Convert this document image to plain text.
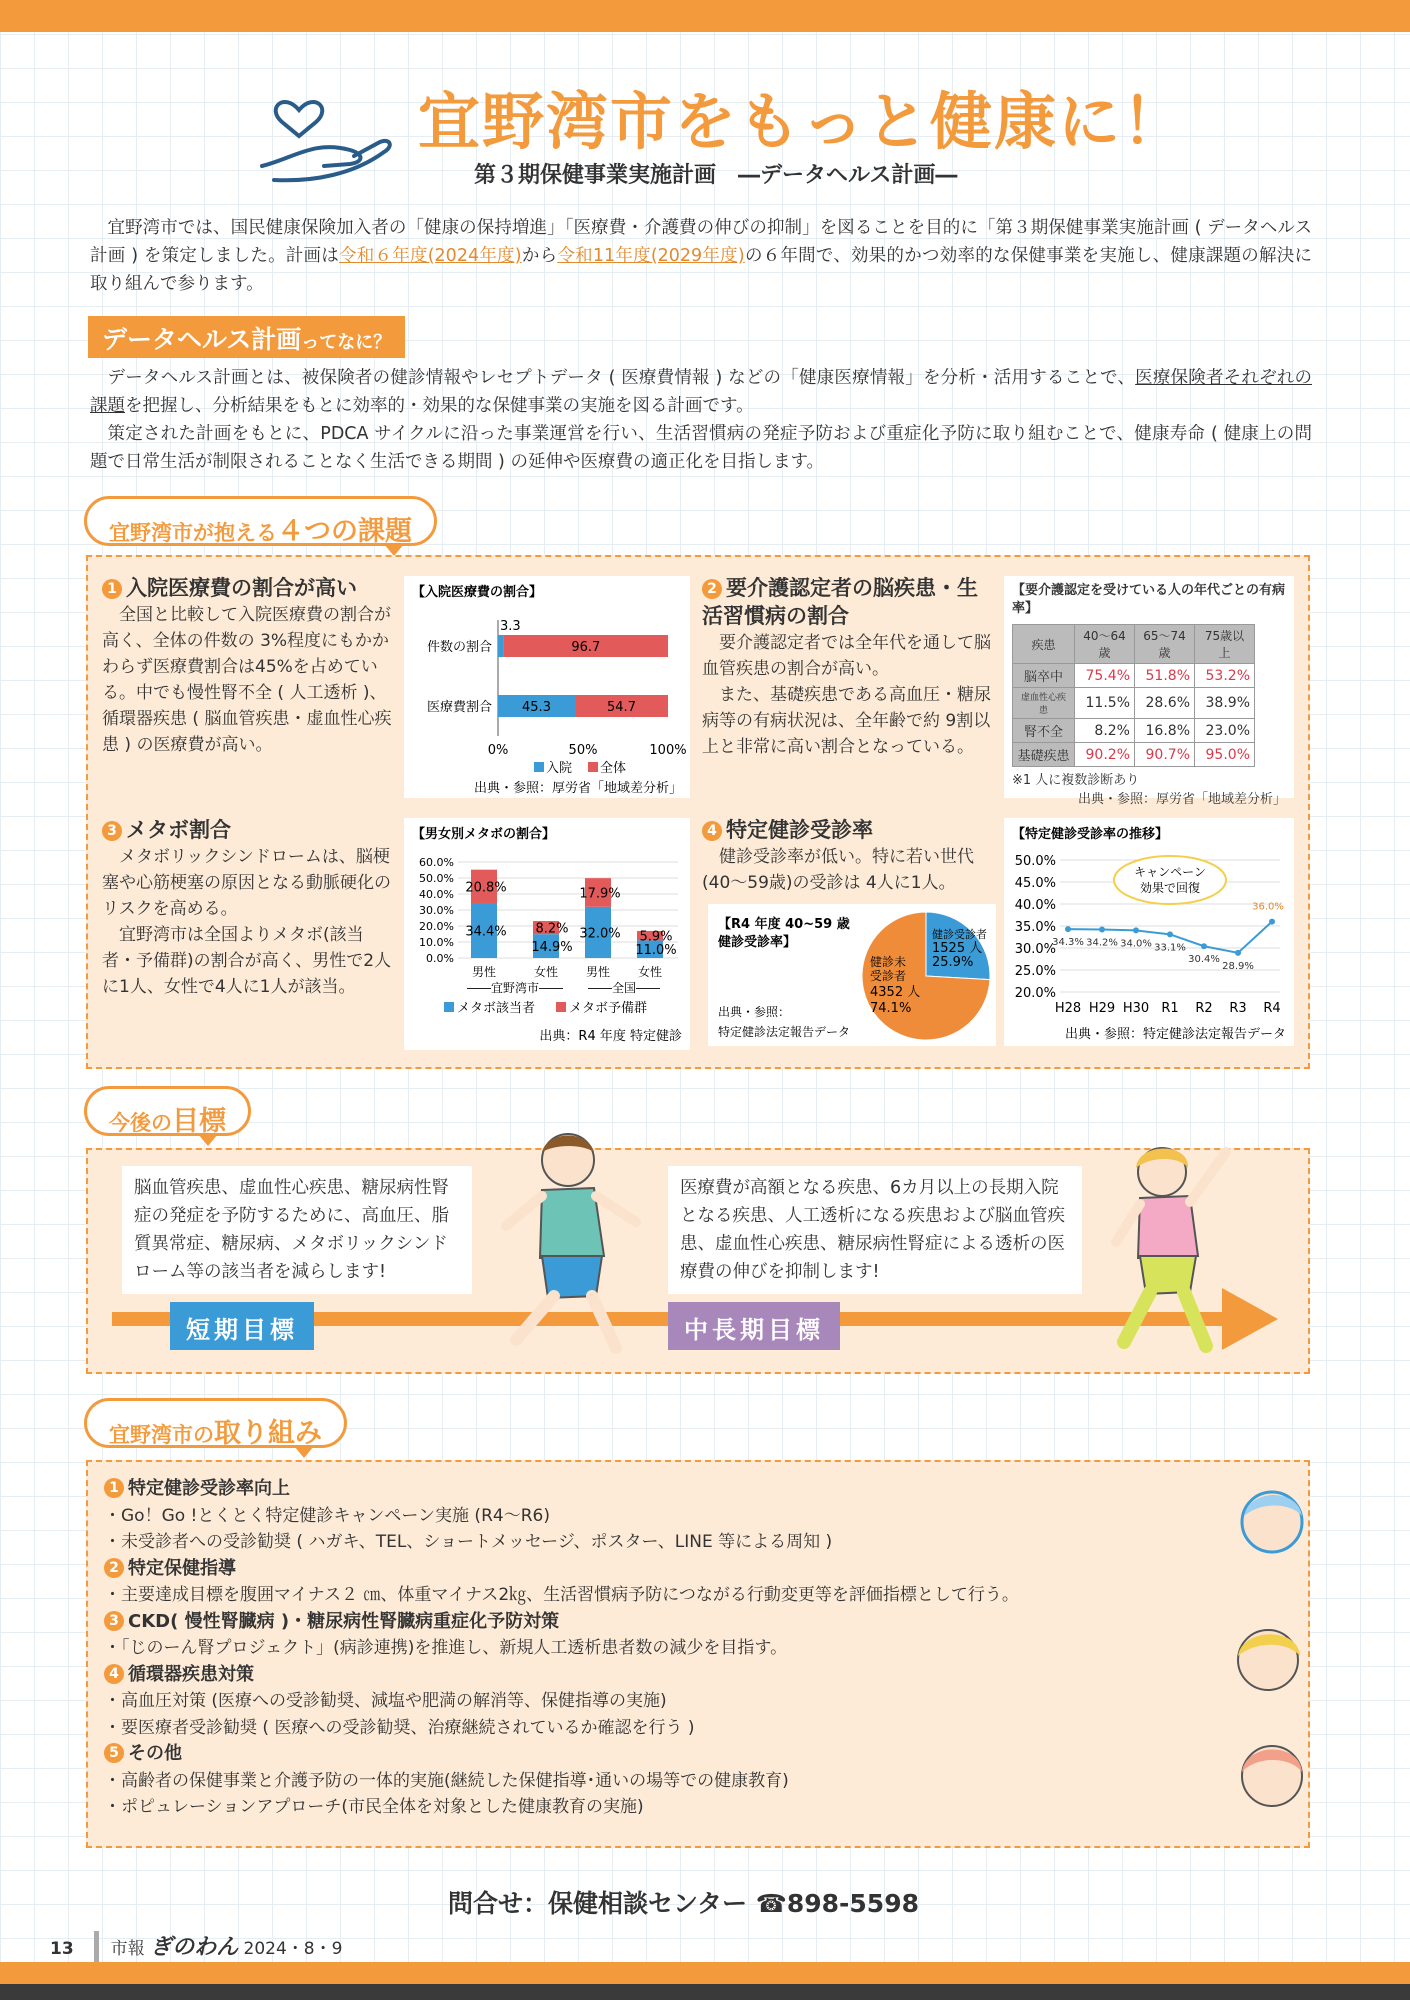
宜野湾市をもっと健康に！
第３期保健事業実施計画　―データヘルス計画―
宜野湾市では、国民健康保険加入者の「健康の保持増進」「医療費・介護費の伸びの抑制」を図ることを目的に「第３期保健事業実施計画 ( データヘルス計画 ) を策定しました。計画は令和６年度(2024年度)から令和11年度(2029年度)の６年間で、効果的かつ効率的な保健事業を実施し、健康課題の解決に取り組んで参ります。
データヘルス計画ってなに？

データヘルス計画とは、被保険者の健診情報やレセプトデータ ( 医療費情報 ) などの「健康医療情報」を分析・活用することで、医療保険者それぞれの課題を把握し、分析結果をもとに効率的・効果的な保健事業の実施を図る計画です。

策定された計画をもとに、PDCA サイクルに沿った事業運営を行い、生活習慣病の発症予防および重症化予防に取り組むことで、健康寿命 ( 健康上の問題で日常生活が制限されることなく生活できる期間 ) の延伸や医療費の適正化を目指します。

宜野湾市が抱える４つの課題
1 入院医療費の割合が高い
全国と比較して入院医療費の割合が高く、全体の件数の 3%程度にもかかわらず医療費割合は45%を占めている。中でも慢性腎不全 ( 人工透析 )、循環器疾患 ( 脳血管疾患・虚血性心疾患 ) の医療費が高い。
【入院医療費の割合】
件数の割合
3.3
96.7
医療費割合 45.3	54.7
0%	50%	100%
入院 全体
出典・参照：厚労省「地域差分析」
2 要介護認定者の脳疾患・生活習慣病の割合
要介護認定者では全年代を通して脳血管疾患の割合が高い。
また、基礎疾患である高血圧・糖尿病等の有病状況は、全年齢で約 9割以上と非常に高い割合となっている。
【要介護認定を受けている人の年代ごとの有病率】
疾患	40～64歳	65～74歳	75歳以上
脳卒中	75.4%	51.8%	53.2%
虚血性心疾患	11.5%	28.6%	38.9%
腎不全	8.2%	16.8%	23.0%
基礎疾患	90.2%	90.7%	95.0%
※1 人に複数診断あり
出典・参照：厚労省「地域差分析」
3 メタボ割合
メタボリックシンドロームは、脳梗塞や心筋梗塞の原因となる動脈硬化のリスクを高める。
宜野湾市は全国よりメタボ(該当者・予備群)の割合が高く、男性で2人に1人、女性で4人に1人が該当。
【男女別メタボの割合】
60.0%
50.0%
40.0%
30.0%
20.0%
10.0%
0.0%
34.4%
20.8%
男性
14.9%
8.2%
女性
32.0%
17.9%
男性
11.0%
5.9%
女性
――宜野湾市―― ――全国――
メタボ該当者	メタボ予備群
出典：R4 年度 特定健診
4 特定健診受診率
健診受診率が低い。特に若い世代(40～59歳)の受診は 4人に1人。
【R4 年度 40~59 歳
健診受診率】
出典・参照：
特定健診法定報告データ
健診受診者
1525 人
25.9%
健診未
受診者
4352 人
74.1%
【特定健診受診率の推移】
50.0%
45.0%
40.0%
35.0%
30.0%
25.0%
20.0%
34.3%
H28
34.2%
H29
34.0%
H30
33.1%
R1
30.4%
R2
28.9%
R3
36.0%
R4
キャンペーン
効果で回復
出典・参照：特定健診法定報告データ
今後の目標
脳血管疾患、虚血性心疾患、糖尿病性腎症の発症を予防するために、高血圧、脂質異常症、糖尿病、メタボリックシンドローム等の該当者を減らします!
医療費が高額となる疾患、6カ月以上の長期入院となる疾患、人工透析になる疾患および脳血管疾患、虚血性心疾患、糖尿病性腎症による透析の医療費の伸びを抑制します!
短期目標	中長期目標
宜野湾市の取り組み
1 特定健診受診率向上
・Go！Go !とくとく特定健診キャンペーン実施 (R4～R6)
・未受診者への受診勧奨 ( ハガキ、TEL、ショートメッセージ、ポスター、LINE 等による周知 )
2 特定保健指導
・主要達成目標を腹囲マイナス２ ㎝、体重マイナス2㎏、生活習慣病予防につながる行動変更等を評価指標として行う。
3 CKD( 慢性腎臓病 )・糖尿病性腎臓病重症化予防対策
・「じのーん腎プロジェクト」(病診連携)を推進し、新規人工透析患者数の減少を目指す。
4 循環器疾患対策
・高血圧対策 (医療への受診勧奨、減塩や肥満の解消等、保健指導の実施)
・要医療者受診勧奨 ( 医療への受診勧奨、治療継続されているか確認を行う )
5 その他
・高齢者の保健事業と介護予防の一体的実施(継続した保健指導･通いの場等での健康教育)
・ポピュレーションアプローチ(市民全体を対象とした健康教育の実施)
問合せ：保健相談センター ☎898-5598
13 市報 ぎのわん 2024・8・9
